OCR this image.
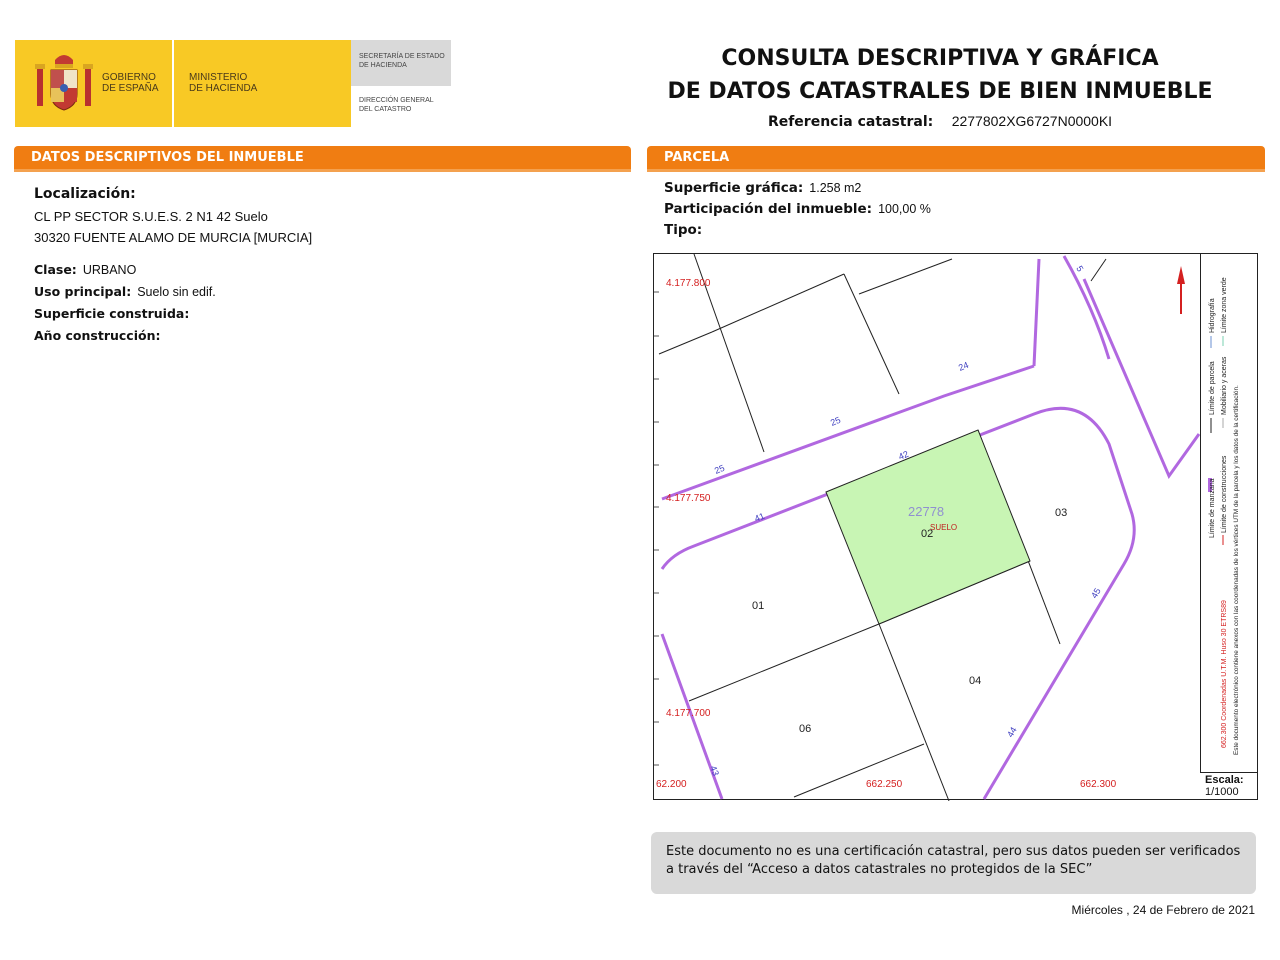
GOBIERNO
DE ESPAÑA
MINISTERIO
DE HACIENDA
SECRETARÍA DE ESTADO
DE HACIENDA
DIRECCIÓN GENERAL
DEL CATASTRO
CONSULTA DESCRIPTIVA Y GRÁFICA
DE DATOS CATASTRALES DE BIEN INMUEBLE
Referencia catastral: 2277802XG6727N0000KI
DATOS DESCRIPTIVOS DEL INMUEBLE	PARCELA
Localización:
CL PP SECTOR S.U.E.S. 2 N1 42 Suelo
30320 FUENTE ALAMO DE MURCIA [MURCIA]
Clase: URBANO
Uso principal: Suelo sin edif.
Superficie construida:
Año construcción:
Superficie gráfica: 1.258 m2
Participación del inmueble: 100,00 %
Tipo:
4.177.800
4.177.750
4.177.700
62.200	662.250	662.300
22778
SUELO
01
02
03
04
06
24
25
25
41
42
43
44
45
5
Límite de manzana
Límite de parcela
Hidrografía
Límite de construcciones
Mobiliario y aceras
Límite zona verde
662.300 Coordenadas U.T.M. Huso 30 ETRS89 Este documento electrónico contiene anexos con las coordenadas de los vértices UTM de la parcela y los datos de la certificación.
Escala:
1/1000
Este documento no es una certificación catastral, pero sus datos pueden ser verificados a través del “Acceso a datos catastrales no protegidos de la SEC”
Miércoles , 24 de Febrero de 2021
